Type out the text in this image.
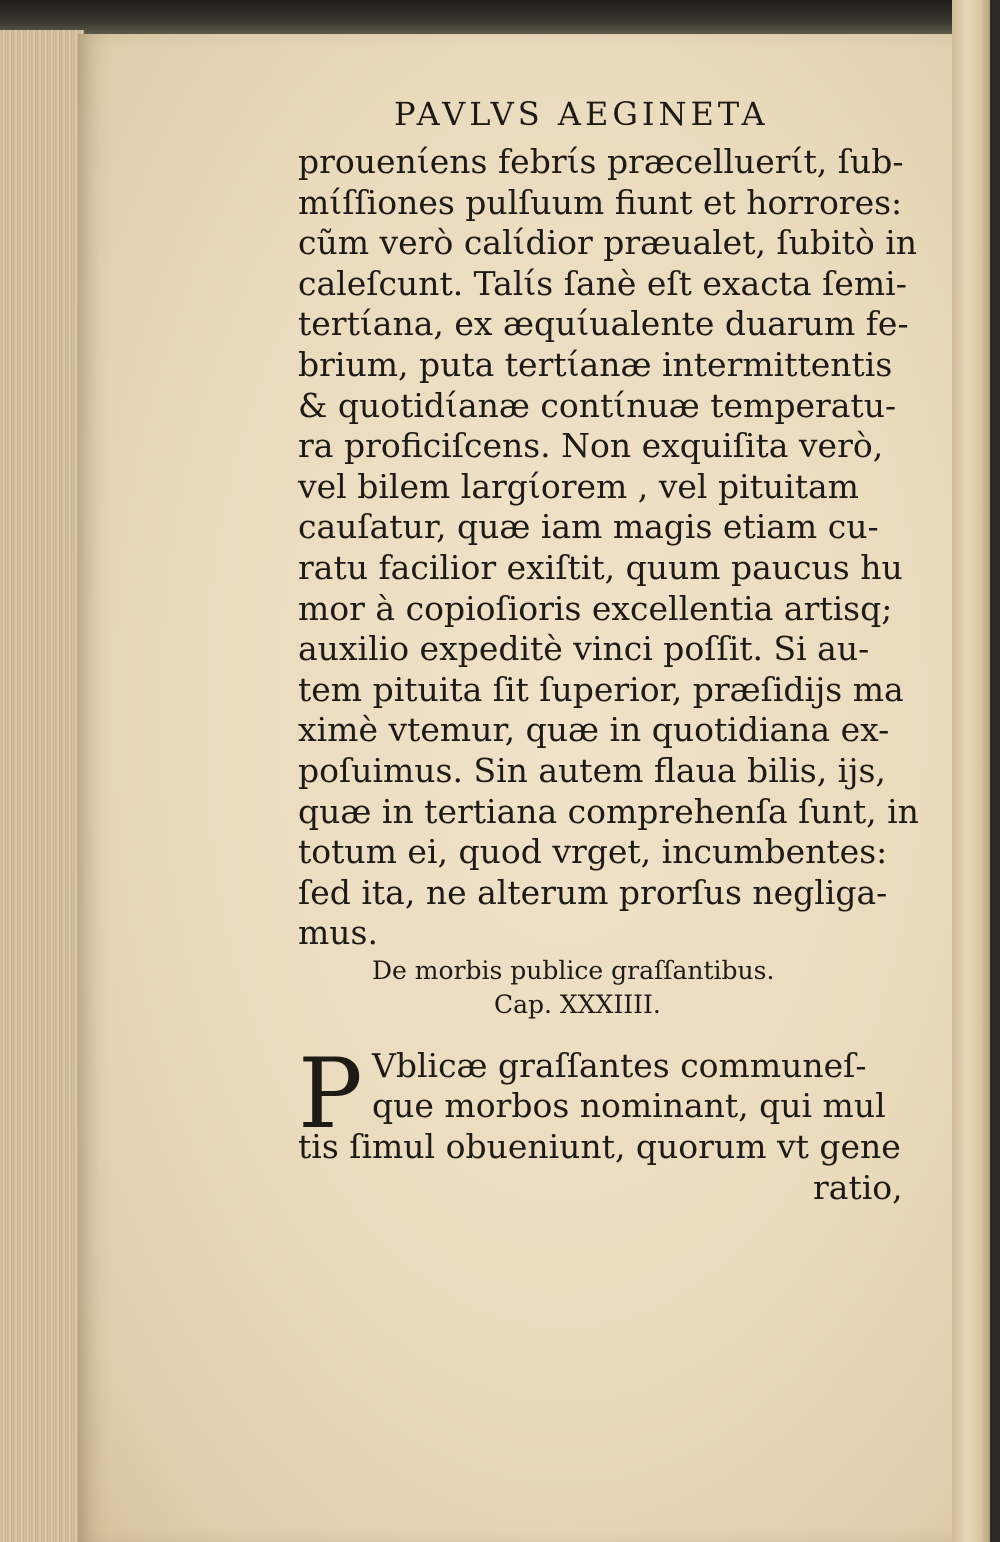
PAVLVS AEGINETA
prouenίens febrίs præcelluerίt, ſub-
mίſſiones pulſuum fiunt et horrores:
cũm verò calίdior præualet, ſubitò in
caleſcunt. Talίs ſanè eſt exacta ſemi-
tertίana, ex æquίualente duarum fe-
brium, puta tertίanæ intermittentis
& quotidίanæ contίnuæ temperatu-
ra proficiſcens. Non exquiſita verò,
vel bilem largίorem , vel pituitam
cauſatur, quæ iam magis etiam cu-
ratu facilior exiſtit, quum paucus hu
mor à copioſioris excellentia artisq;
auxilio expeditè vinci poſſit. Si au-
tem pituita ſit ſuperior, præſidijs ma
ximè vtemur, quæ in quotidiana ex-
poſuimus. Sin autem flaua bilis, ijs,
quæ in tertiana comprehenſa ſunt, in
totum ei, quod vrget, incumbentes:
ſed ita, ne alterum prorſus negliga-
mus.
De morbis publice graſſantibus.
Cap. XXXIIII.
P Vblicæ graſſantes communeſ-
que morbos nominant, qui mul
tis ſimul obueniunt, quorum vt gene
ratio,
